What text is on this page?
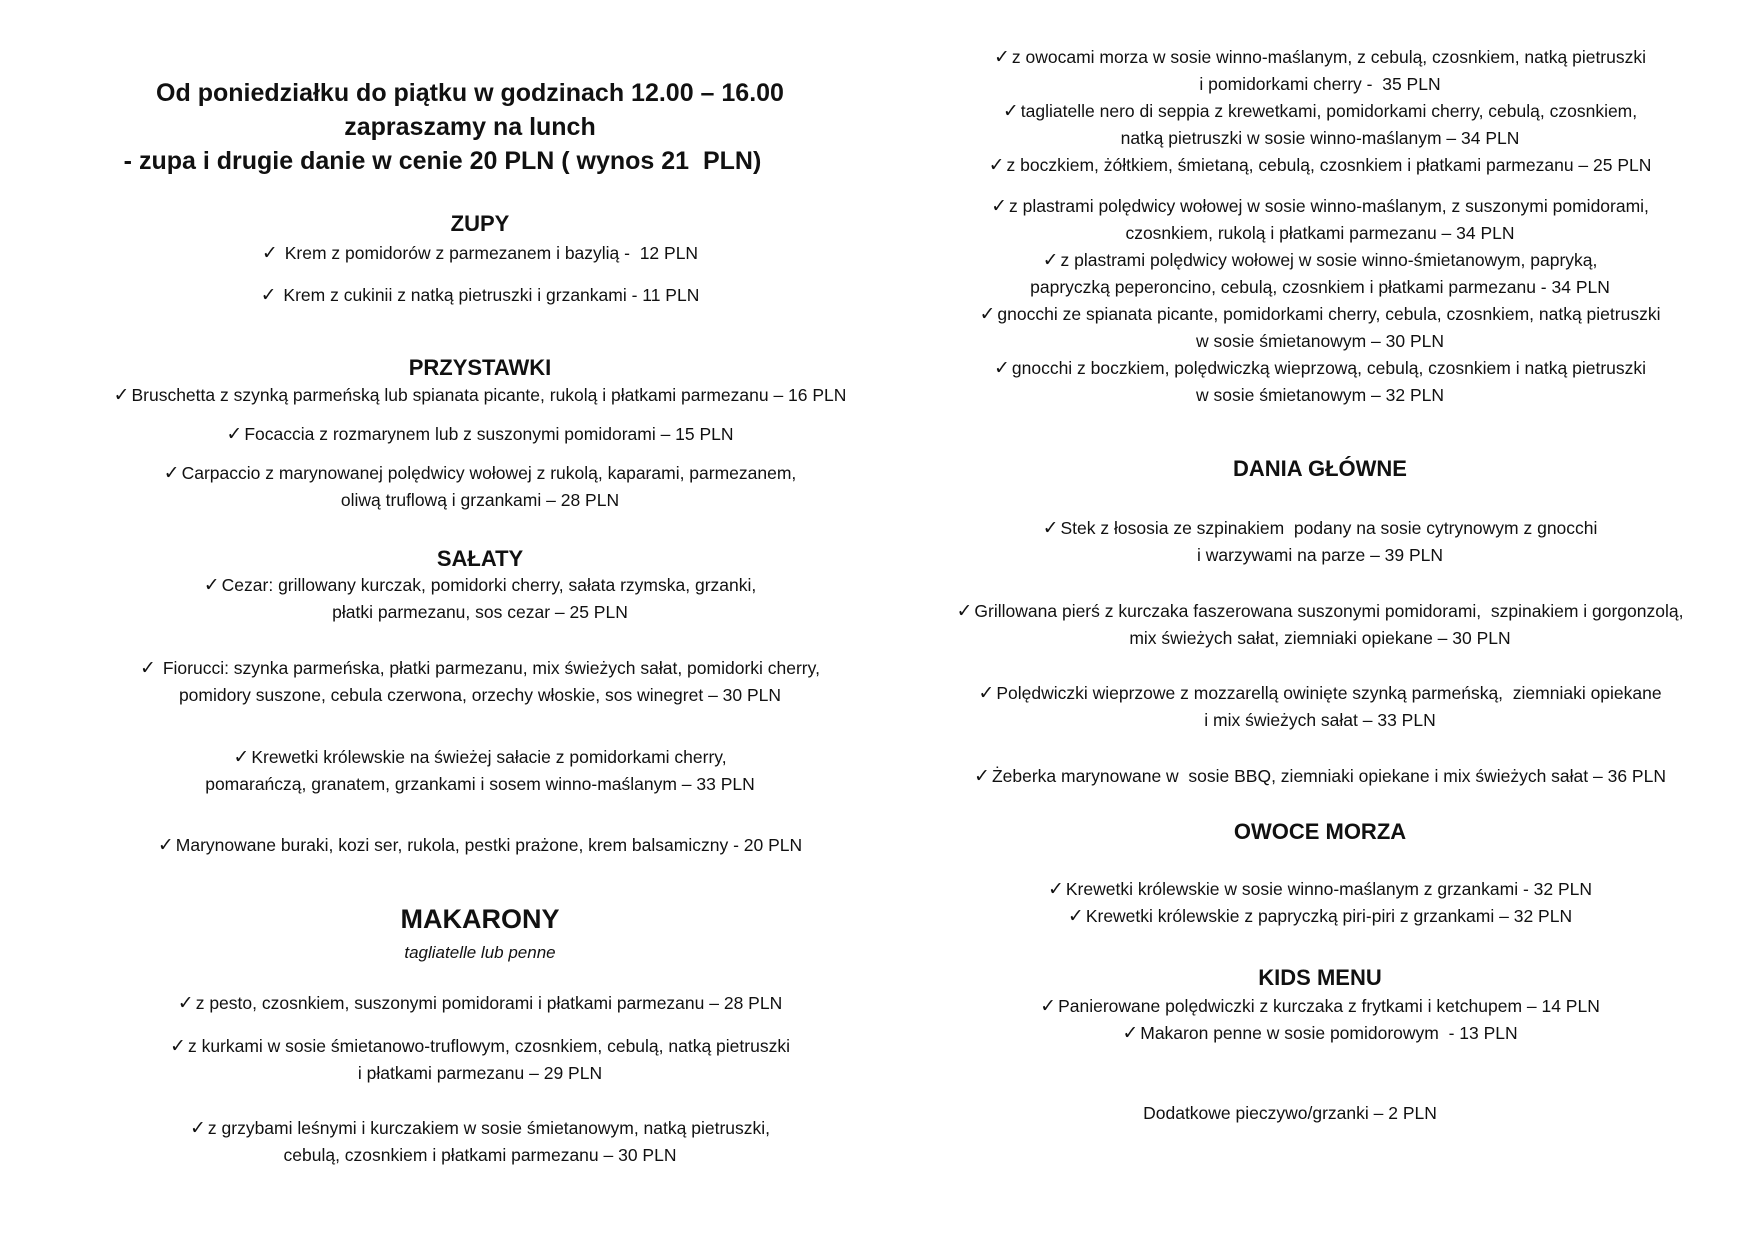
Od poniedziałku do piątku w godzinach 12.00 – 16.00
zapraszamy na lunch
- zupa i drugie danie w cenie 20 PLN ( wynos 21  PLN)
ZUPY
✓ Krem z pomidorów z parmezanem i bazylią -  12 PLN
✓ Krem z cukinii z natką pietruszki i grzankami - 11 PLN
PRZYSTAWKI
✓ Bruschetta z szynką parmeńską lub spianata picante, rukolą i płatkami parmezanu – 16 PLN
✓ Focaccia z rozmarynem lub z suszonymi pomidorami – 15 PLN
✓ Carpaccio z marynowanej polędwicy wołowej z rukolą, kaparami, parmezanem,
oliwą truflową i grzankami – 28 PLN
SAŁATY
✓ Cezar: grillowany kurczak, pomidorki cherry, sałata rzymska, grzanki,
płatki parmezanu, sos cezar – 25 PLN
✓ Fiorucci: szynka parmeńska, płatki parmezanu, mix świeżych sałat, pomidorki cherry,
pomidory suszone, cebula czerwona, orzechy włoskie, sos winegret – 30 PLN
✓ Krewetki królewskie na świeżej sałacie z pomidorkami cherry,
pomarańczą, granatem, grzankami i sosem winno-maślanym – 33 PLN
✓ Marynowane buraki, kozi ser, rukola, pestki prażone, krem balsamiczny - 20 PLN
MAKARONY
tagliatelle lub penne
✓ z pesto, czosnkiem, suszonymi pomidorami i płatkami parmezanu – 28 PLN
✓ z kurkami w sosie śmietanowo-truflowym, czosnkiem, cebulą, natką pietruszki
i płatkami parmezanu – 29 PLN
✓ z grzybami leśnymi i kurczakiem w sosie śmietanowym, natką pietruszki,
cebulą, czosnkiem i płatkami parmezanu – 30 PLN
✓ z owocami morza w sosie winno-maślanym, z cebulą, czosnkiem, natką pietruszki
i pomidorkami cherry -  35 PLN
✓ tagliatelle nero di seppia z krewetkami, pomidorkami cherry, cebulą, czosnkiem,
natką pietruszki w sosie winno-maślanym – 34 PLN
✓ z boczkiem, żółtkiem, śmietaną, cebulą, czosnkiem i płatkami parmezanu – 25 PLN
✓ z plastrami polędwicy wołowej w sosie winno-maślanym, z suszonymi pomidorami,
czosnkiem, rukolą i płatkami parmezanu – 34 PLN
✓ z plastrami polędwicy wołowej w sosie winno-śmietanowym, papryką,
papryczką peperoncino, cebulą, czosnkiem i płatkami parmezanu - 34 PLN
✓ gnocchi ze spianata picante, pomidorkami cherry, cebula, czosnkiem, natką pietruszki
w sosie śmietanowym – 30 PLN
✓ gnocchi z boczkiem, polędwiczką wieprzową, cebulą, czosnkiem i natką pietruszki
w sosie śmietanowym – 32 PLN
DANIA GŁÓWNE
✓ Stek z łososia ze szpinakiem  podany na sosie cytrynowym z gnocchi
i warzywami na parze – 39 PLN
✓ Grillowana pierś z kurczaka faszerowana suszonymi pomidorami,  szpinakiem i gorgonzolą,
mix świeżych sałat, ziemniaki opiekane – 30 PLN
✓ Polędwiczki wieprzowe z mozzarellą owinięte szynką parmeńską,  ziemniaki opiekane
i mix świeżych sałat – 33 PLN
✓ Żeberka marynowane w  sosie BBQ, ziemniaki opiekane i mix świeżych sałat – 36 PLN
OWOCE MORZA
✓ Krewetki królewskie w sosie winno-maślanym z grzankami - 32 PLN
✓ Krewetki królewskie z papryczką piri-piri z grzankami – 32 PLN
KIDS MENU
✓ Panierowane polędwiczki z kurczaka z frytkami i ketchupem – 14 PLN
✓ Makaron penne w sosie pomidorowym  - 13 PLN
Dodatkowe pieczywo/grzanki – 2 PLN
